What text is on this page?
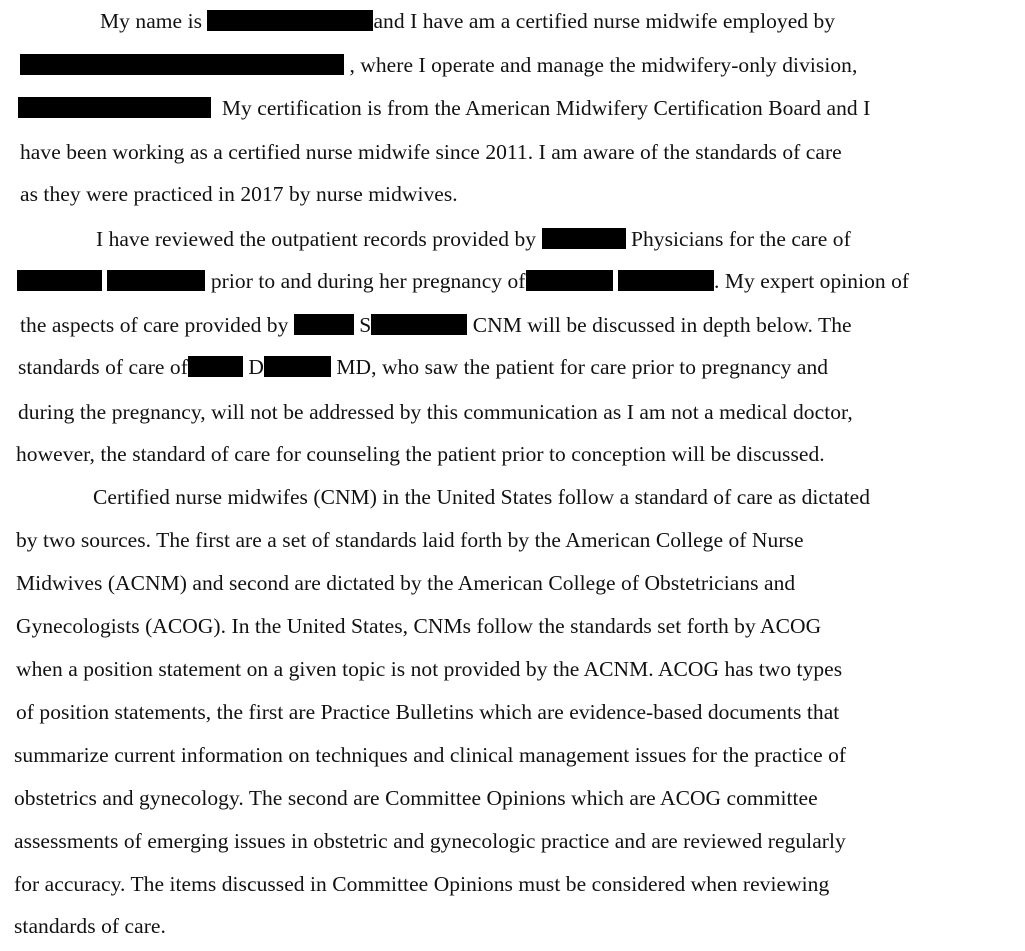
My name is	and I have am a certified nurse midwife employed by
, where I operate and manage the midwifery-only division,
My certification is from the American Midwifery Certification Board and I
have been working as a certified nurse midwife since 2011. I am aware of the standards of care
as they were practiced in 2017 by nurse midwives.
I have reviewed the outpatient records provided by	Physicians for the care of
prior to and during her pregnancy of	. My expert opinion of
the aspects of care provided by	S	CNM will be discussed in depth below. The
standards of care of	D	MD, who saw the patient for care prior to pregnancy and
during the pregnancy, will not be addressed by this communication as I am not a medical doctor,
however, the standard of care for counseling the patient prior to conception will be discussed.
Certified nurse midwifes (CNM) in the United States follow a standard of care as dictated
by two sources. The first are a set of standards laid forth by the American College of Nurse
Midwives (ACNM) and second are dictated by the American College of Obstetricians and
Gynecologists (ACOG). In the United States, CNMs follow the standards set forth by ACOG
when a position statement on a given topic is not provided by the ACNM. ACOG has two types
of position statements, the first are Practice Bulletins which are evidence-based documents that
summarize current information on techniques and clinical management issues for the practice of
obstetrics and gynecology. The second are Committee Opinions which are ACOG committee
assessments of emerging issues in obstetric and gynecologic practice and are reviewed regularly
for accuracy. The items discussed in Committee Opinions must be considered when reviewing
standards of care.
